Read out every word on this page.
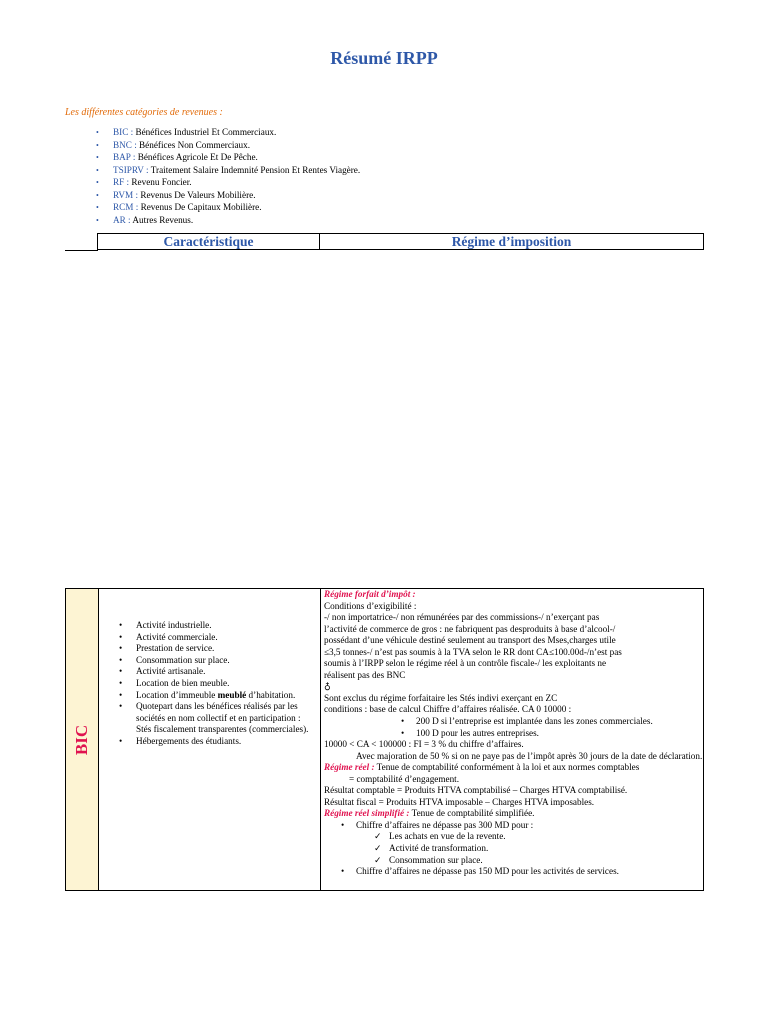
Résumé IRPP
Les différentes catégories de revenues :
• BIC : Bénéfices Industriel Et Commerciaux.
• BNC : Bénéfices Non Commerciaux.
• BAP : Bénéfices Agricole Et De Pêche.
• TSIPRV : Traitement Salaire Indemnité Pension Et Rentes Viagère.
• RF : Revenu Foncier.
• RVM : Revenus De Valeurs Mobilière.
• RCM : Revenus De Capitaux Mobilière.
• AR : Autres Revenus.
Caractéristique	Régime d’imposition
BIC
• Activité industrielle.
• Activité commerciale.
• Prestation de service.
• Consommation sur place.
• Activité artisanale.
• Location de bien meuble.
• Location d’immeuble meublé d’habitation.
• Quotepart dans les bénéfices réalisés par les sociétés en nom collectif et en participation : Stés fiscalement transparentes (commerciales).
• Hébergements des étudiants.

Régime forfait d’impôt :

Conditions d’exigibilité :

-/ non importatrice-/ non rémunérées par des commissions-/ n’exerçant pas

l’activité de commerce de gros : ne fabriquent pas desproduits à base d’alcool-/

possédant d’une véhicule destiné seulement au transport des Mses,charges utile

≤3,5 tonnes-/ n’est pas soumis à la TVA selon le RR dont CA≤100.00d-/n’est pas

soumis à l’IRPP selon le régime réel à un contrôle fiscale-/ les exploitants ne

réalisent pas des BNC

♁

Sont exclus du régime forfaitaire les Stés indivi exerçant en ZC

conditions : base de calcul Chiffre d’affaires réalisée. CA 0 10000 :

• 200 D si l’entreprise est implantée dans les zones commerciales.

• 100 D pour les autres entreprises.

10000 < CA < 100000 : FI = 3 % du chiffre d’affaires.

Avec majoration de 50 % si on ne paye pas de l’impôt après 30 jours de la date de déclaration.

Régime réel : Tenue de comptabilité conformément à la loi et aux normes comptables

= comptabilité d’engagement.

Résultat comptable = Produits HTVA comptabilisé – Charges HTVA comptabilisé.

Résultat fiscal = Produits HTVA imposable – Charges HTVA imposables.

Régime réel simplifié : Tenue de comptabilité simplifiée.

• Chiffre d’affaires ne dépasse pas 300 MD pour :

✓ Les achats en vue de la revente.

✓ Activité de transformation.

✓ Consommation sur place.

• Chiffre d’affaires ne dépasse pas 150 MD pour les activités de services.
